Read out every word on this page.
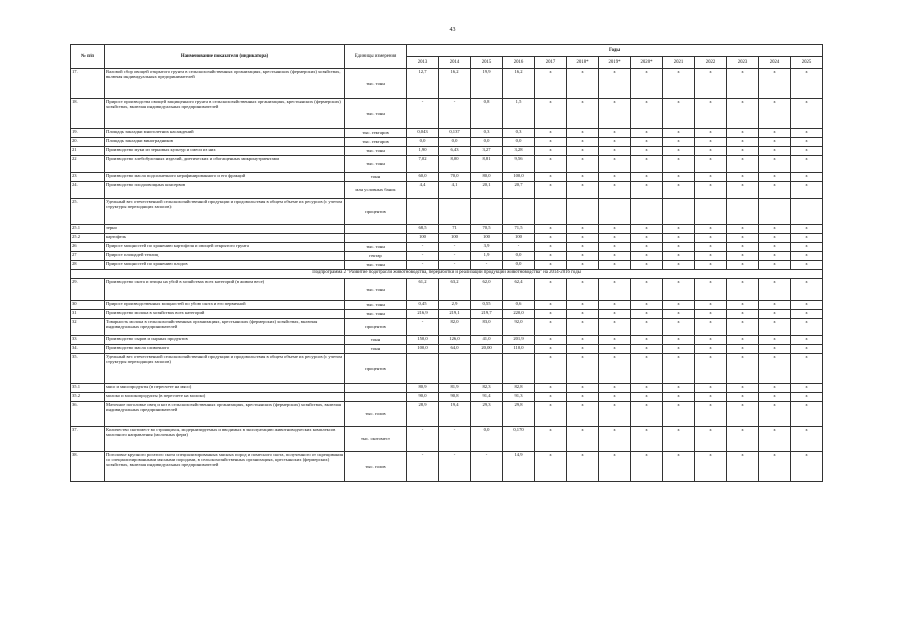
43
№ п/п	Наименование показателя (индикатора)	Единицы измерения	Годы												
			2013	2014	2015	2016	2017	2018*	2019*	2020*	2021	2022	2023	2024	2025
17.	Валовой сбор овощей открытого грунта в сельскохозяйственных организациях, крестьянских (фермерских) хозяйствах, включая индивидуальных предпринимателей	тыс. тонн	12,7	16,2	19,9	16,2	х	х	х	х	х	х	х	х	х
18.	Прирост производства овощей защищенного грунта в сельскохозяйственных организациях, крестьянских (фермерских) хозяйствах, включая индивидуальных предпринимателей	тыс. тонн	-	-	0,8	1,5	х	х	х	х	х	х	х	х	х
19.	Площадь закладки многолетних насаждений	тыс. гектаров	0,043	0,137	0,3	0,3	х	х	х	х	х	х	х	х	х
20.	Площадь закладки виноградников	тыс. гектаров	0,0	0,0	0,0	0,0	х	х	х	х	х	х	х	х	х
21	Производство муки из зерновых культур и смеси из них	тыс. тонн	1,90	6,43	3,27	3,28	х	х	х	х	х	х	х	х	х
22	Производство хлебобулочных изделий, диетических и обогащенных микронутриентами	тыс. тонн	7,02	8,00	8,81	9,56	х	х	х	х	х	х	х	х	х
23	Производство масла подсолнечного нерафинированного и его фракций	тонн	60,0	70,0	80,0	100,0	х	х	х	х	х	х	х	х	х
24.	Производство плодоовощных консервов	млн условных банок	4,4	4,1	20,1	20,7	х	х	х	х	х	х	х	х	х
25.	Удельный вес отечественной сельскохозяйственной продукции и продовольствия в общем объеме их ресурсов (с учетом структуры переходящих запасов):	процентов													
25.1	зерно		68,5	71	70,5	71,5	х	х	х	х	х	х	х	х	х
25.2	картофель		100	100	100	100	х	х	х	х	х	х	х	х	х
26	Прирост мощностей по хранению картофеля и овощей открытого грунта	тыс. тонн	-	-	3,9	-	х	х	х	х	х	х	х	х	х
27	Прирост площадей теплиц	гектар	-	-	1,9	0,0	х	х	х	х	х	х	х	х	х
28	Прирост мощностей по хранению плодов	тыс. тонн	-	-	-	0,0	х	х	х	х	х	х	х	х	х
Подпрограмма 2 "Развитие подотрасли животноводства, переработки и реализации продукции животноводства" на 2014-2016 годы															
29.	Производство скота и птицы на убой в хозяйствах всех категорий (в живом весе)	тыс. тонн	61,2	63,2	62,0	62,4	х	х	х	х	х	х	х	х	х
30	Прирост производственных мощностей по убою скота и его первичной	тыс. тонн	0,45	2,9	0,55	0,6	х	х	х	х	х	х	х	х	х
31	Производство молока в хозяйствах всех категорий	тыс. тонн	216,9	219,1	219,7	220,0	х	х	х	х	х	х	х	х	х
32	Товарность молока в сельскохозяйственных организациях, крестьянских (фермерских) хозяйствах, включая индивидуальных предпринимателей	процентов	-	82,0	83,0	92,0	х	х	х	х	х	х	х	х	х
33	Производство сыров и сырных продуктов	тонн	150,0	126,0	41,0	201,9	х	х	х	х	х	х	х	х	х
34.	Производство масла сливочного	тонн	100,0	64,0	20,00	110,0	х	х	х	х	х	х	х	х	х
35.	Удельный вес отечественной сельскохозяйственной продукции и продовольствия в общем объеме их ресурсов (с учетом структуры переходящих запасов)	процентов					х	х	х	х	х	х	х	х	х
35.1	мясо и мясопродукты (в пересчете на мясо)		80,9	81,9	82,3	82,8	х	х	х	х	х	х	х	х	х
35.2	молоко и молокопродукты (в пересчете на молоко)		90,0	90,8	91,4	91,3	х	х	х	х	х	х	х	х	х
36.	Маточное поголовье овец и коз в сельскохозяйственных организациях, крестьянских (фермерских) хозяйствах, включая индивидуальных предпринимателей	тыс. голов	28,9	19,4	29,3	29,8	х	х	х	х	х	х	х	х	х
37.	Количество скотомест во строящихся, модернизируемых и вводимых в эксплуатацию животноводческих комплексов молочного направления (молочных ферм)	тыс. скотомест	-	-	0,0	0,170	х	х	х	х	х	х	х	х	х
38.	Поголовье крупного рогатого скота специализированных мясных пород и помесного скота, полученного от скрещивания со специализированными мясными породами, в сельскохозяйственных организациях, крестьянских (фермерских) хозяйствах, включая индивидуальных предпринимателей	тыс. голов	-	-	-	14,9	х	х	х	х	х	х	х	х	х
